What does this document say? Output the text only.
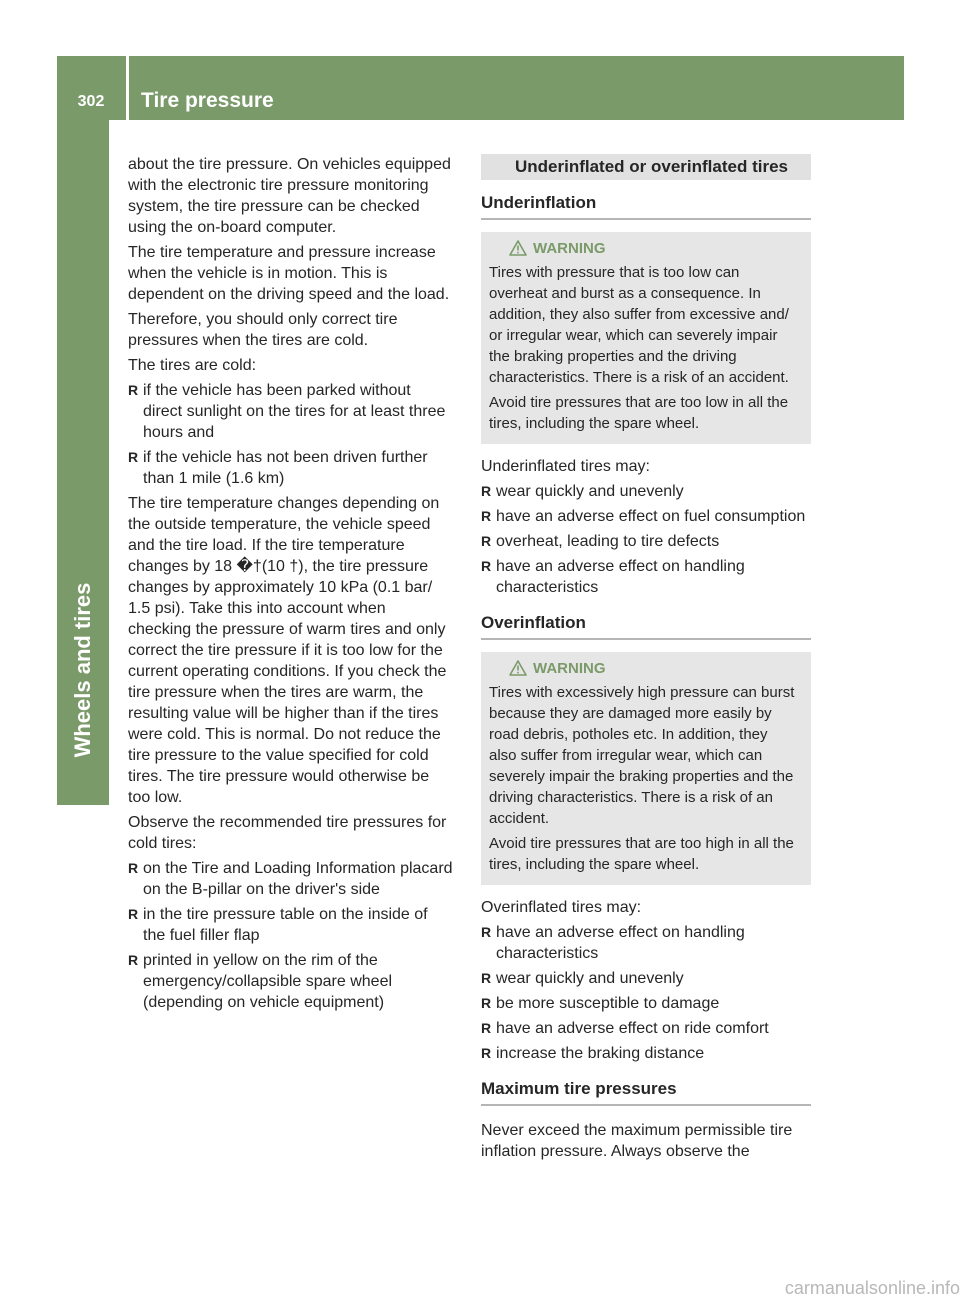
302	Tire pressure
Wheels and tires

about the tire pressure. On vehicles equipped
with the electronic tire pressure monitoring
system, the tire pressure can be checked
using the on-board computer.

The tire temperature and pressure increase
when the vehicle is in motion. This is
dependent on the driving speed and the load.

Therefore, you should only correct tire
pressures when the tires are cold.

The tires are cold:

R if the vehicle has been parked without
direct sunlight on the tires for at least three
hours and
R if the vehicle has not been driven further
than 1 mile (1.6 km)

The tire temperature changes depending on
the outside temperature, the vehicle speed
and the tire load. If the tire temperature
changes by 18 �†(10 †), the tire pressure
changes by approximately 10 kPa (0.1 bar/
1.5 psi). Take this into account when
checking the pressure of warm tires and only
correct the tire pressure if it is too low for the
current operating conditions. If you check the
tire pressure when the tires are warm, the
resulting value will be higher than if the tires
were cold. This is normal. Do not reduce the
tire pressure to the value specified for cold
tires. The tire pressure would otherwise be
too low.

Observe the recommended tire pressures for
cold tires:

R on the Tire and Loading Information placard
on the B-pillar on the driver's side
R in the tire pressure table on the inside of
the fuel filler flap
R printed in yellow on the rim of the
emergency/collapsible spare wheel
(depending on vehicle equipment)
Underinflated or overinflated tires
Underinflation
WARNING

Tires with pressure that is too low can
overheat and burst as a consequence. In
addition, they also suffer from excessive and/
or irregular wear, which can severely impair
the braking properties and the driving
characteristics. There is a risk of an accident.

Avoid tire pressures that are too low in all the
tires, including the spare wheel.

Underinflated tires may:

R wear quickly and unevenly
R have an adverse effect on fuel consumption
R overheat, leading to tire defects
R have an adverse effect on handling
characteristics
Overinflation
WARNING

Tires with excessively high pressure can burst
because they are damaged more easily by
road debris, potholes etc. In addition, they
also suffer from irregular wear, which can
severely impair the braking properties and the
driving characteristics. There is a risk of an
accident.

Avoid tire pressures that are too high in all the
tires, including the spare wheel.

Overinflated tires may:

R have an adverse effect on handling
characteristics
R wear quickly and unevenly
R be more susceptible to damage
R have an adverse effect on ride comfort
R increase the braking distance
Maximum tire pressures

Never exceed the maximum permissible tire
inflation pressure. Always observe the

carmanualsonline.info
